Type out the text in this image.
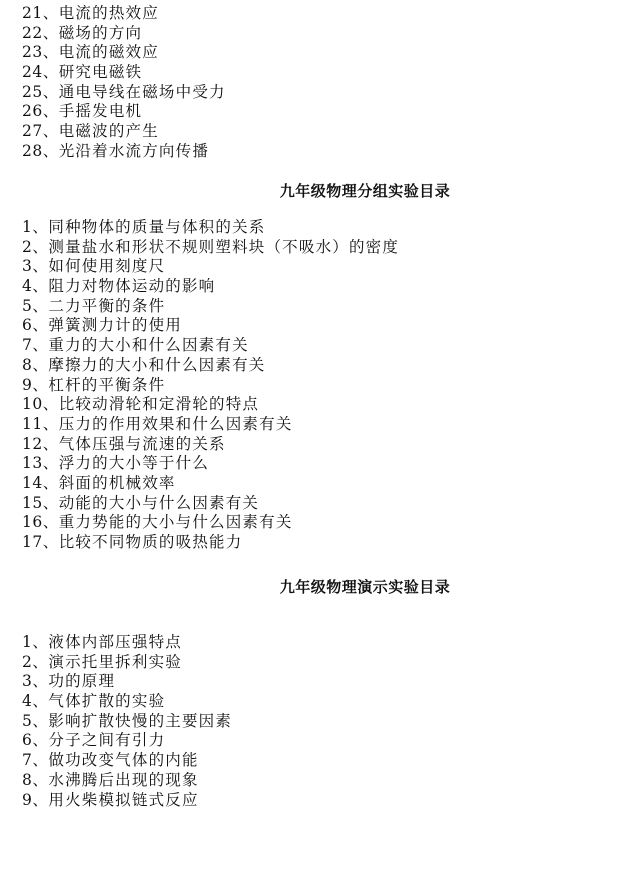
21、电流的热效应
22、磁场的方向
23、电流的磁效应
24、研究电磁铁
25、通电导线在磁场中受力
26、手摇发电机
27、电磁波的产生
28、光沿着水流方向传播
九年级物理分组实验目录
1、同种物体的质量与体积的关系
2、测量盐水和形状不规则塑料块（不吸水）的密度
3、如何使用刻度尺
4、阻力对物体运动的影响
5、二力平衡的条件
6、弹簧测力计的使用
7、重力的大小和什么因素有关
8、摩擦力的大小和什么因素有关
9、杠杆的平衡条件
10、比较动滑轮和定滑轮的特点
11、压力的作用效果和什么因素有关
12、气体压强与流速的关系
13、浮力的大小等于什么
14、斜面的机械效率
15、动能的大小与什么因素有关
16、重力势能的大小与什么因素有关
17、比较不同物质的吸热能力
九年级物理演示实验目录
1、液体内部压强特点
2、演示托里拆利实验
3、功的原理
4、气体扩散的实验
5、影响扩散快慢的主要因素
6、分子之间有引力
7、做功改变气体的内能
8、水沸腾后出现的现象
9、用火柴模拟链式反应
